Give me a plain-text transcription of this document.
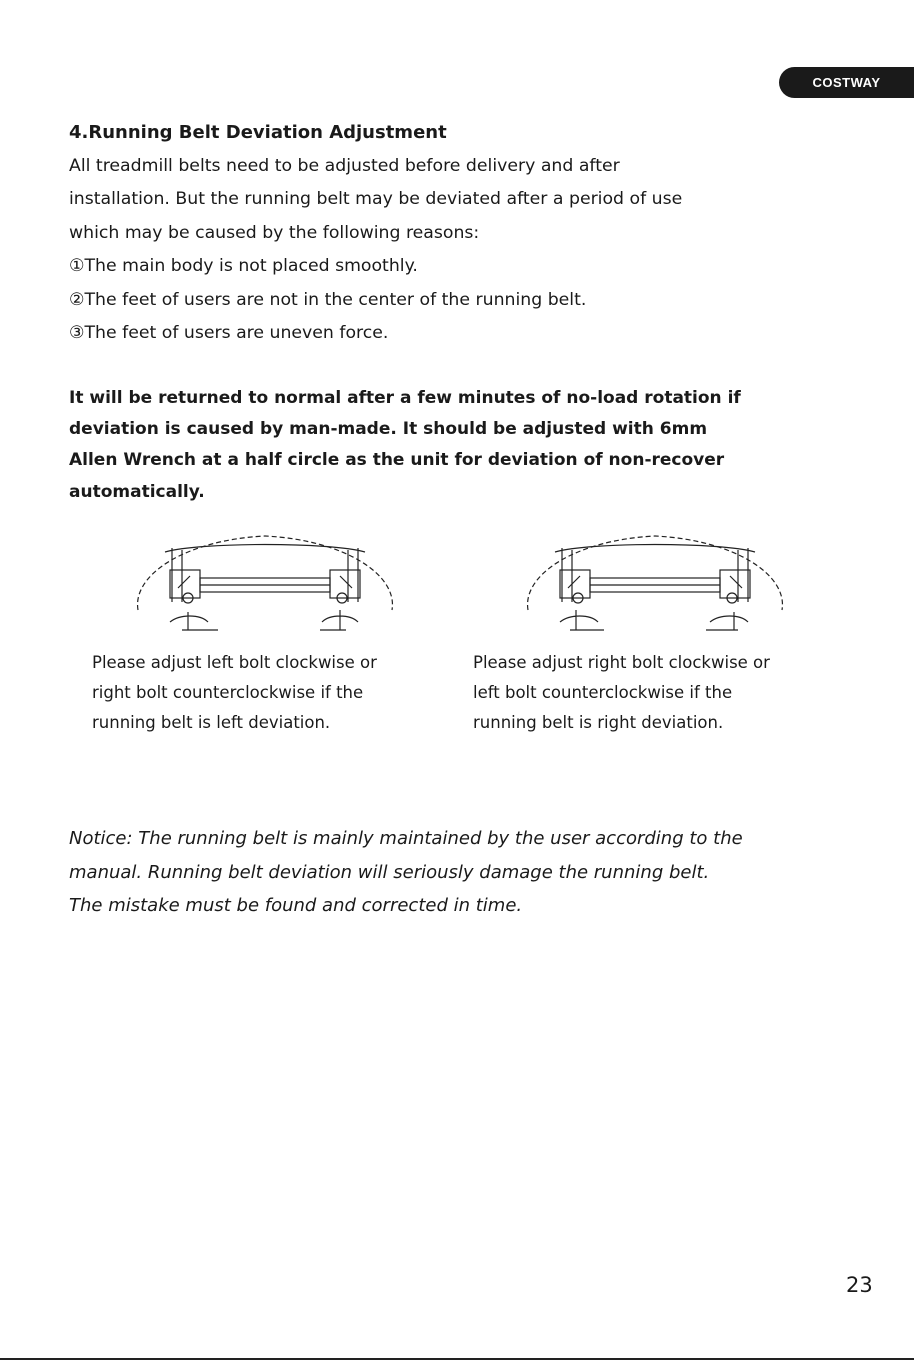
COSTWAY
4.Running Belt Deviation Adjustment

All treadmill belts need to be adjusted before delivery and after

installation. But the running belt may be deviated after a period of use

which may be caused by the following reasons:

①The main body is not placed smoothly.

②The feet of users are not in the center of the running belt.

③The feet of users are uneven force.

It will be returned to normal after a few minutes of no-load rotation if

deviation is caused by man-made. It should be adjusted with 6mm

Allen Wrench at a half circle as the unit for deviation of non-recover

automatically.

Please adjust left bolt clockwise or

right bolt counterclockwise if the

running belt is left deviation.

Please adjust right bolt clockwise or

left bolt counterclockwise if the

running belt is right deviation.

Notice: The running belt is mainly maintained by the user according to the

manual. Running belt deviation will seriously damage the running belt.

The mistake must be found and corrected in time.

23
